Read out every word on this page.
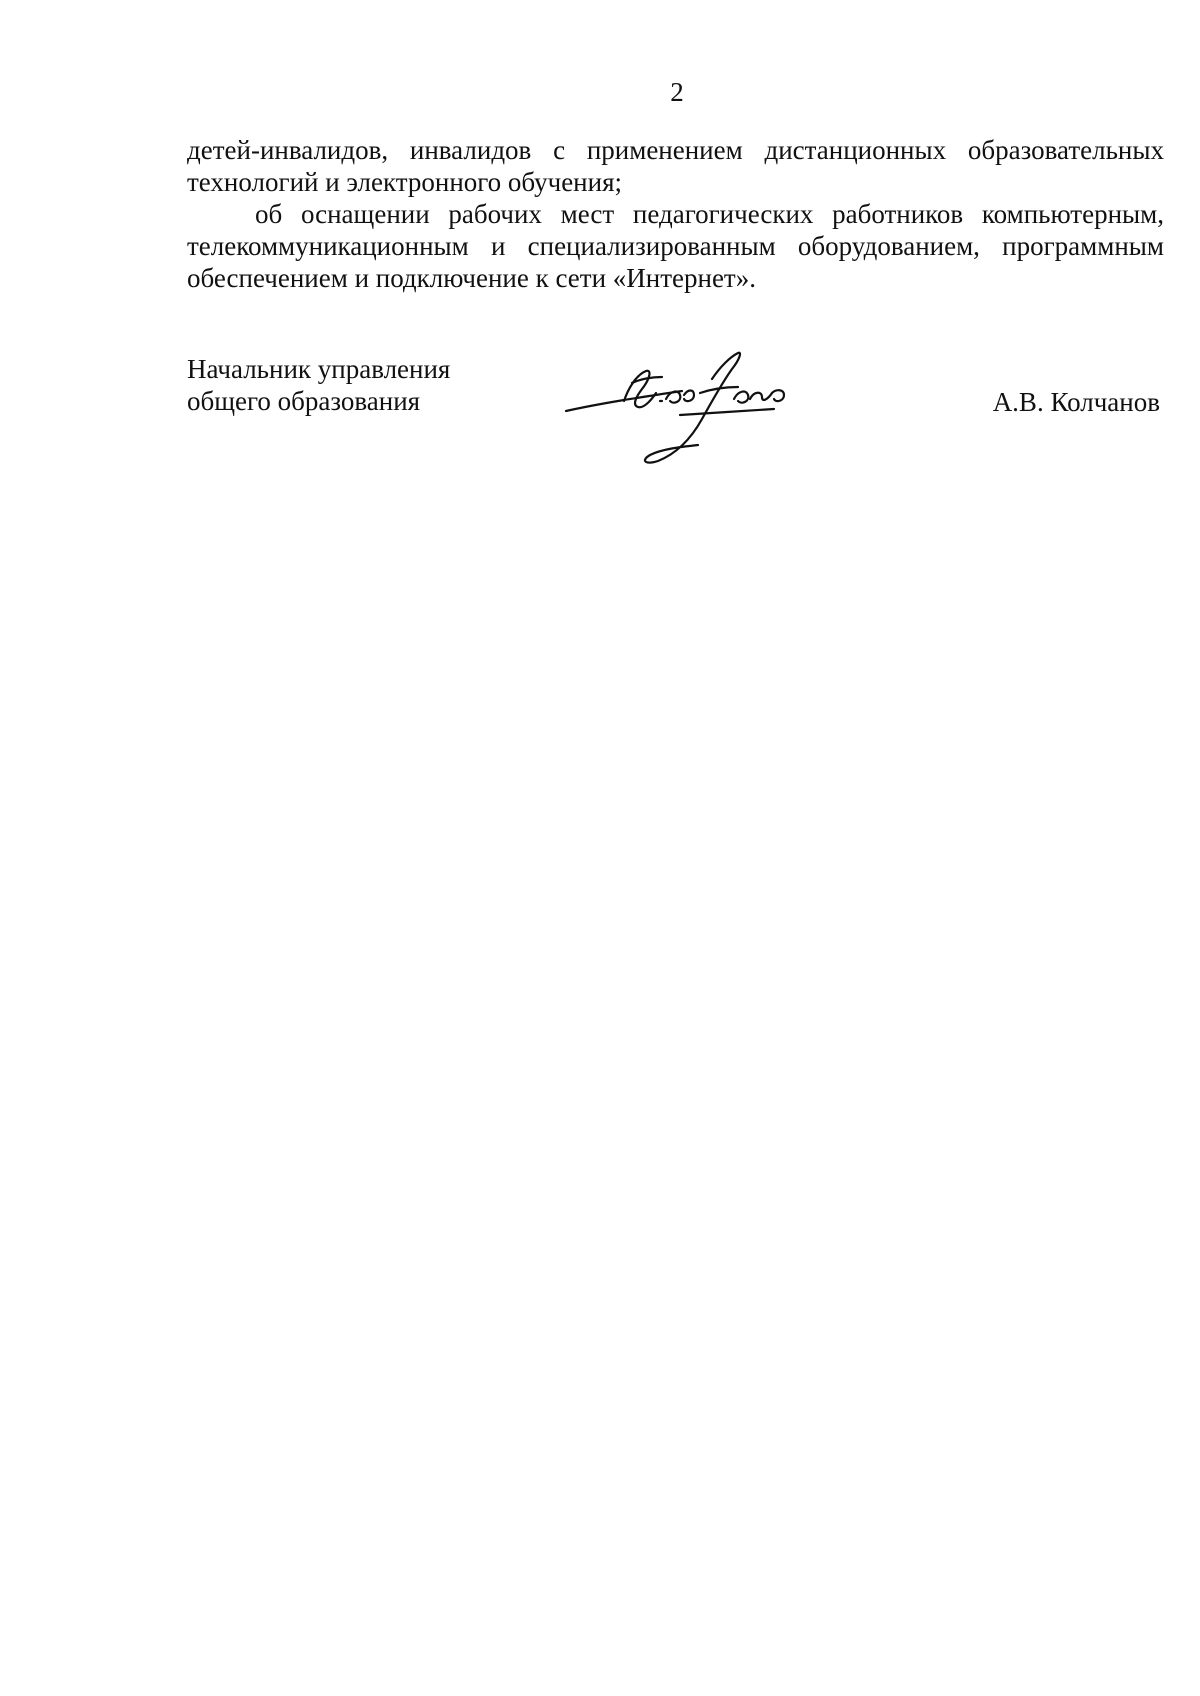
2

детей-инвалидов, инвалидов с применением дистанционных образовательных
технологий и электронного обучения;

об оснащении рабочих мест педагогических работников компьютерным,
телекоммуникационным и специализированным оборудованием, программным
обеспечением и подключение к сети «Интернет».

Начальник управления
общего образования	А.В. Колчанов
